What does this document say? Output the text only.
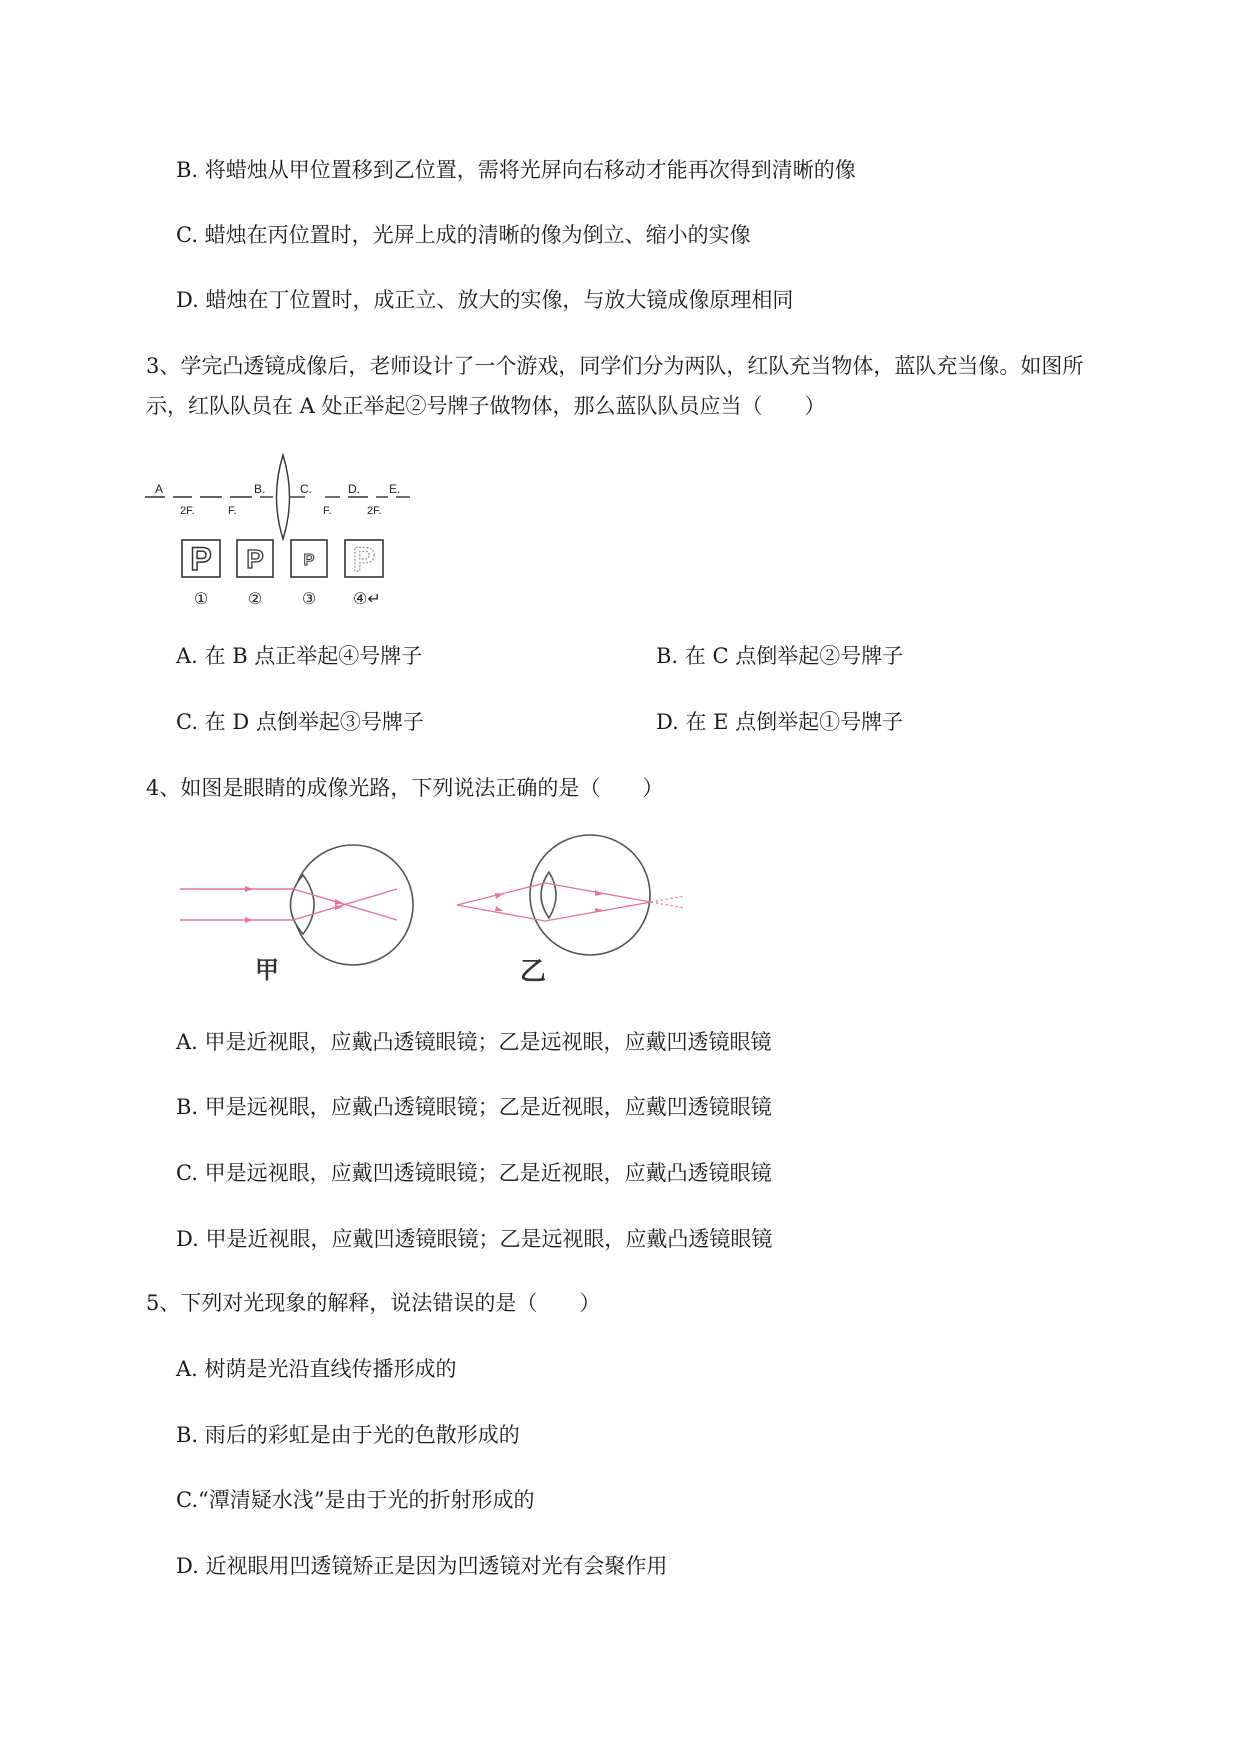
B. 将蜡烛从甲位置移到乙位置，需将光屏向右移动才能再次得到清晰的像
C. 蜡烛在丙位置时，光屏上成的清晰的像为倒立、缩小的实像
D. 蜡烛在丁位置时，成正立、放大的实像，与放大镜成像原理相同
3、学完凸透镜成像后，老师设计了一个游戏，同学们分为两队，红队充当物体，蓝队充当像。如图所
示，红队队员在 A 处正举起②号牌子做物体，那么蓝队队员应当（　　）
A
2F.	F.
B.	C.
F.
D. E.
2F.
P
①
P
②
P
③
P
④↵
A. 在 B 点正举起④号牌子	B. 在 C 点倒举起②号牌子
C. 在 D 点倒举起③号牌子	D. 在 E 点倒举起①号牌子
4、如图是眼睛的成像光路，下列说法正确的是（　　）
甲	乙
A. 甲是近视眼，应戴凸透镜眼镜；乙是远视眼，应戴凹透镜眼镜
B. 甲是远视眼，应戴凸透镜眼镜；乙是近视眼，应戴凹透镜眼镜
C. 甲是远视眼，应戴凹透镜眼镜；乙是近视眼，应戴凸透镜眼镜
D. 甲是近视眼，应戴凹透镜眼镜；乙是远视眼，应戴凸透镜眼镜
5、下列对光现象的解释，说法错误的是（　　）
A. 树荫是光沿直线传播形成的
B. 雨后的彩虹是由于光的色散形成的
C.“潭清疑水浅”是由于光的折射形成的
D. 近视眼用凹透镜矫正是因为凹透镜对光有会聚作用
